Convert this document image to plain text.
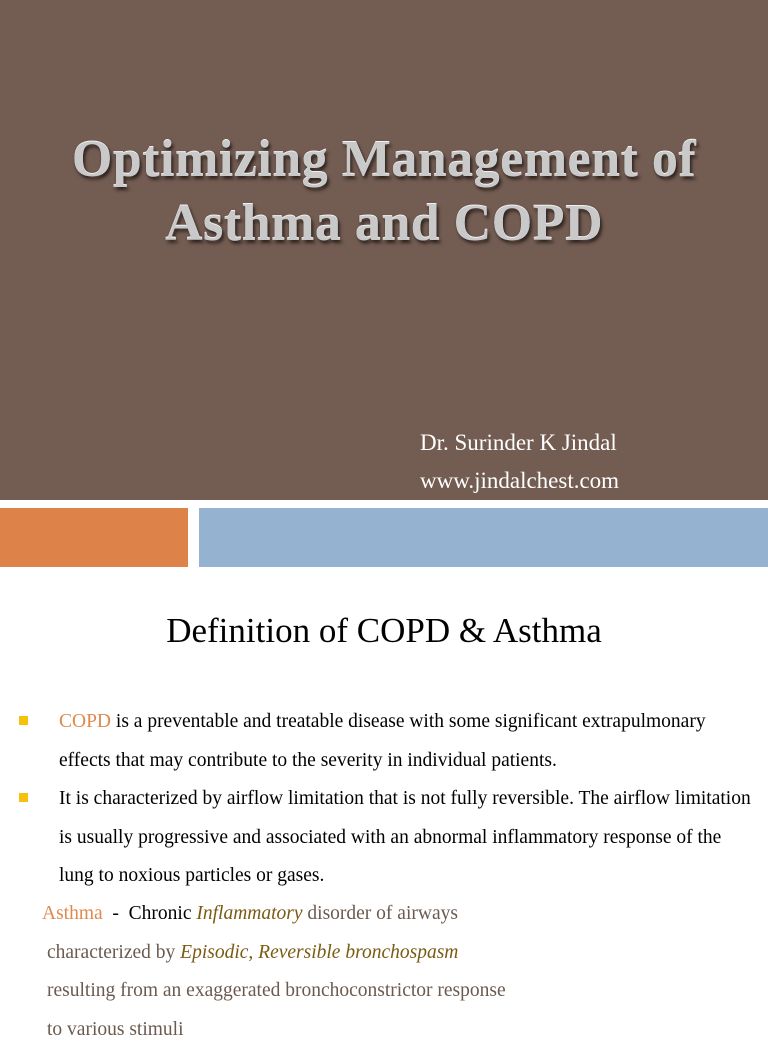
Optimizing Management of
Asthma and COPD
Dr. Surinder K Jindal
www.jindalchest.com
Definition of COPD & Asthma
COPD is a preventable and treatable disease with some significant extrapulmonary effects that may contribute to the severity in individual patients.
It is characterized by airflow limitation that is not fully reversible. The airflow limitation is usually progressive and associated with an abnormal inflammatory response of the lung to noxious particles or gases.
Asthma  -  Chronic Inflammatory disorder of airways
characterized by Episodic, Reversible bronchospasm
resulting from an exaggerated bronchoconstrictor response
to various stimuli
